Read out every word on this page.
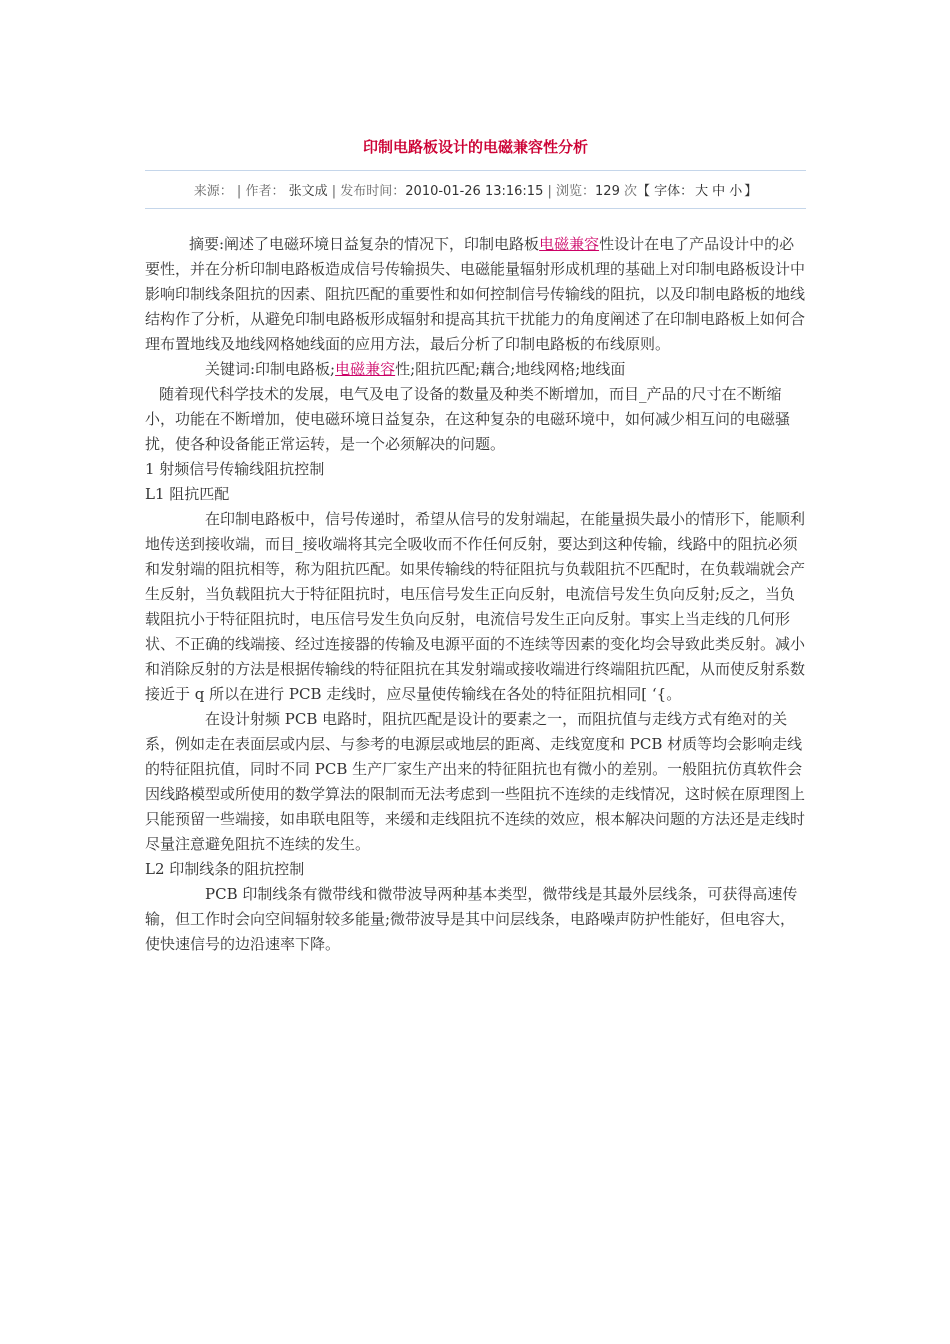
印制电路板设计的电磁兼容性分析
来源： | 作者： 张文成 | 发布时间：2010-01-26 13:16:15 | 浏览：129 次【 字体： 大 中 小 】

摘要:阐述了电磁环境日益复杂的情况下，印制电路板电磁兼容性设计在电了产品设计中的必要性，并在分析印制电路板造成信号传输损失、电磁能量辐射形成机理的基础上对印制电路板设计中影响印制线条阻抗的因素、阻抗匹配的重要性和如何控制信号传输线的阻抗，以及印制电路板的地线结构作了分析，从避免印制电路板形成辐射和提高其抗干扰能力的角度阐述了在印制电路板上如何合理布置地线及地线网格她线面的应用方法，最后分析了印制电路板的布线原则。

关键词:印制电路板;电磁兼容性;阻抗匹配;藕合;地线网格;地线面

随着现代科学技术的发展，电气及电了设备的数量及种类不断增加，而目_产品的尺寸在不断缩小，功能在不断增加，使电磁环境日益复杂，在这种复杂的电磁环境中，如何减少相互问的电磁骚扰，使各种设备能正常运转，是一个必须解决的问题。

1 射频信号传输线阻抗控制

L1 阻抗匹配

在印制电路板中，信号传递时，希望从信号的发射端起，在能量损失最小的情形下，能顺利地传送到接收端，而目_接收端将其完全吸收而不作任何反射，要达到这种传输，线路中的阻抗必须和发射端的阻抗相等，称为阻抗匹配。如果传输线的特征阻抗与负载阻抗不匹配时，在负载端就会产生反射，当负载阻抗大于特征阻抗时，电压信号发生正向反射，电流信号发生负向反射;反之，当负载阻抗小于特征阻抗时，电压信号发生负向反射，电流信号发生正向反射。事实上当走线的几何形状、不正确的线端接、经过连接器的传输及电源平面的不连续等因素的变化均会导致此类反射。减小和消除反射的方法是根据传输线的特征阻抗在其发射端或接收端进行终端阻抗匹配，从而使反射系数接近于 q 所以在进行 PCB 走线时，应尽量使传输线在各处的特征阻抗相同[ ‘{。

在设计射频 PCB 电路时，阻抗匹配是设计的要素之一，而阻抗值与走线方式有绝对的关系，例如走在表面层或内层、与参考的电源层或地层的距离、走线宽度和 PCB 材质等均会影响走线的特征阻抗值，同时不同 PCB 生产厂家生产出来的特征阻抗也有微小的差别。一般阻抗仿真软件会因线路模型或所使用的数学算法的限制而无法考虑到一些阻抗不连续的走线情况，这时候在原理图上只能预留一些端接，如串联电阻等，来缓和走线阻抗不连续的效应，根本解决问题的方法还是走线时尽量注意避免阻抗不连续的发生。

L2 印制线条的阻抗控制

PCB 印制线条有微带线和微带波导两种基本类型，微带线是其最外层线条，可获得高速传输，但工作时会向空间辐射较多能量;微带波导是其中问层线条，电路噪声防护性能好，但电容大，使快速信号的边沿速率下降。
